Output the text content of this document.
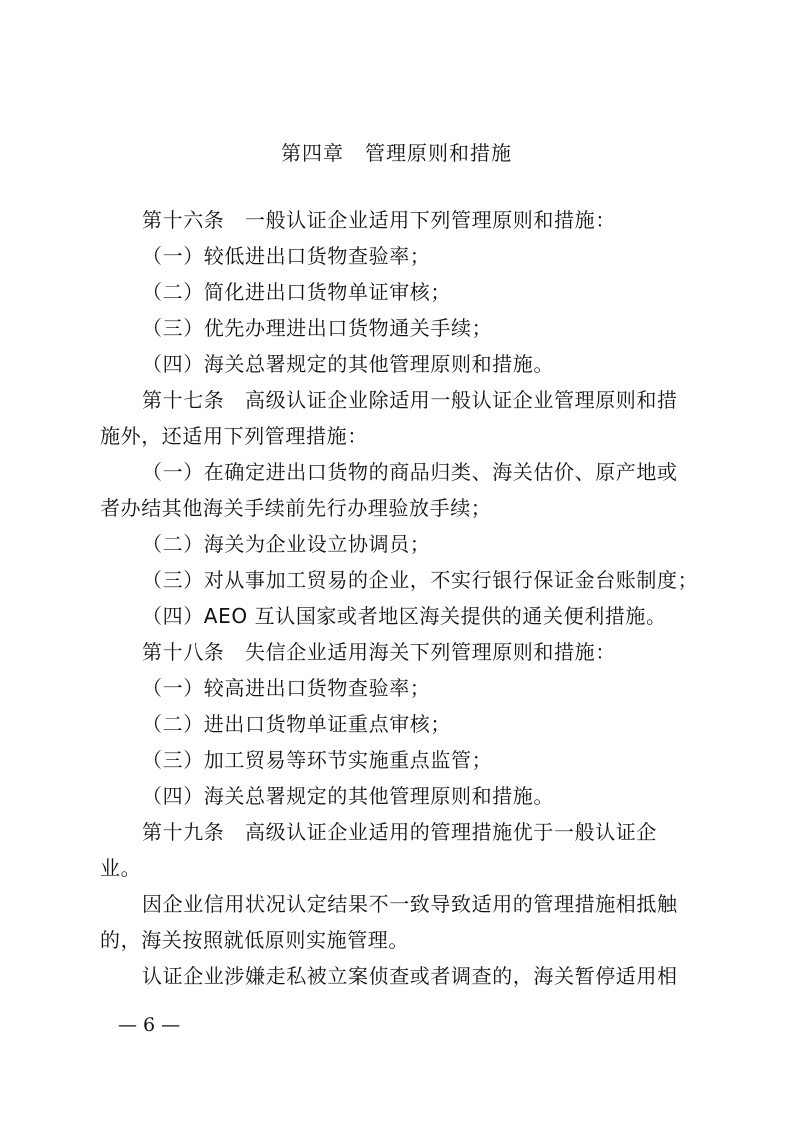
第四章　管理原则和措施
第十六条　一般认证企业适用下列管理原则和措施：
（一）较低进出口货物查验率；
（二）简化进出口货物单证审核；
（三）优先办理进出口货物通关手续；
（四）海关总署规定的其他管理原则和措施。
第十七条　高级认证企业除适用一般认证企业管理原则和措
施外，还适用下列管理措施：
（一）在确定进出口货物的商品归类、海关估价、原产地或
者办结其他海关手续前先行办理验放手续；
（二）海关为企业设立协调员；
（三）对从事加工贸易的企业，不实行银行保证金台账制度；
（四）AEO 互认国家或者地区海关提供的通关便利措施。
第十八条　失信企业适用海关下列管理原则和措施：
（一）较高进出口货物查验率；
（二）进出口货物单证重点审核；
（三）加工贸易等环节实施重点监管；
（四）海关总署规定的其他管理原则和措施。
第十九条　高级认证企业适用的管理措施优于一般认证企
业。
因企业信用状况认定结果不一致导致适用的管理措施相抵触
的，海关按照就低原则实施管理。
认证企业涉嫌走私被立案侦查或者调查的，海关暂停适用相
— 6 —
